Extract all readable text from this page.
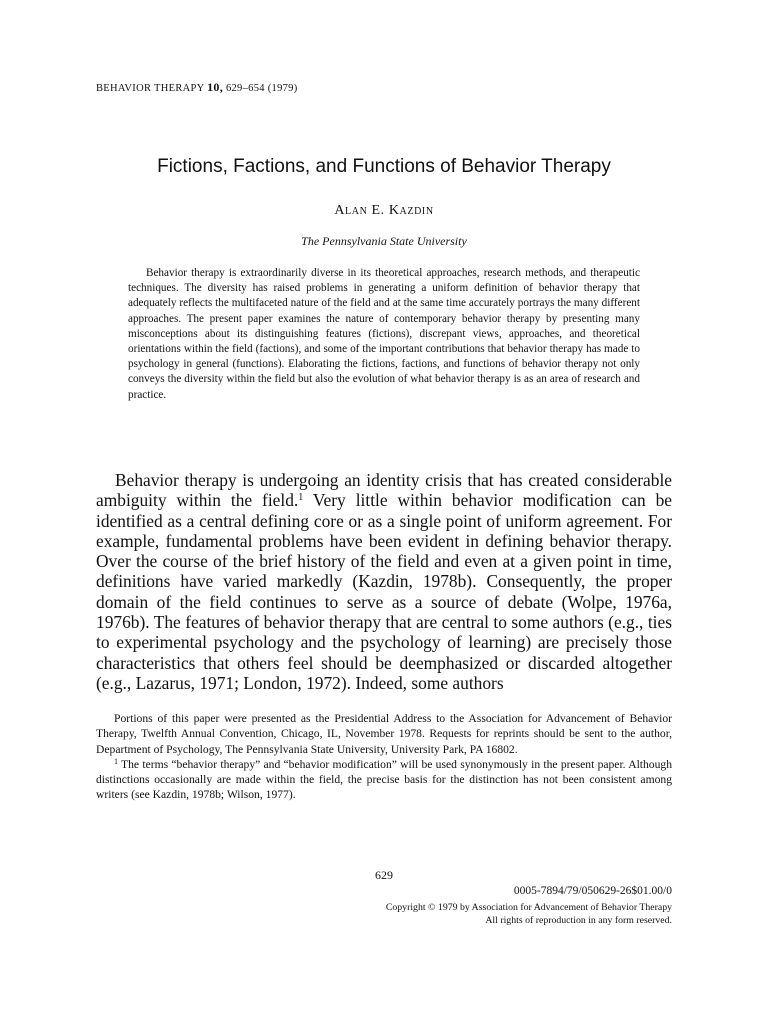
BEHAVIOR THERAPY 10, 629–654 (1979)
Fictions, Factions, and Functions of Behavior Therapy
Alan E. Kazdin
The Pennsylvania State University

Behavior therapy is extraordinarily diverse in its theoretical approaches, research methods, and therapeutic techniques. The diversity has raised problems in generating a uniform definition of behavior therapy that adequately reflects the multifaceted nature of the field and at the same time accurately portrays the many different approaches. The present paper examines the nature of contemporary behavior therapy by presenting many misconceptions about its distinguishing features (fictions), discrepant views, approaches, and theoretical orientations within the field (factions), and some of the important contributions that behavior therapy has made to psychology in general (functions). Elaborating the fictions, factions, and functions of behavior therapy not only conveys the diversity within the field but also the evolution of what behavior therapy is as an area of research and practice.

Behavior therapy is undergoing an identity crisis that has created considerable ambiguity within the field.$^1$ Very little within behavior modification can be identified as a central defining core or as a single point of uniform agreement. For example, fundamental problems have been evident in defining behavior therapy. Over the course of the brief history of the field and even at a given point in time, definitions have varied markedly (Kazdin, 1978b). Consequently, the proper domain of the field continues to serve as a source of debate (Wolpe, 1976a, 1976b). The features of behavior therapy that are central to some authors (e.g., ties to experimental psychology and the psychology of learning) are precisely those characteristics that others feel should be deemphasized or discarded altogether (e.g., Lazarus, 1971; London, 1972). Indeed, some authors

Portions of this paper were presented as the Presidential Address to the Association for Advancement of Behavior Therapy, Twelfth Annual Convention, Chicago, IL, November 1978. Requests for reprints should be sent to the author, Department of Psychology, The Pennsylvania State University, University Park, PA 16802.

$^1$ The terms “behavior therapy” and “behavior modification” will be used synonymously in the present paper. Although distinctions occasionally are made within the field, the precise basis for the distinction has not been consistent among writers (see Kazdin, 1978b; Wilson, 1977).

629
0005-7894/79/050629-26$01.00/0
Copyright © 1979 by Association for Advancement of Behavior Therapy
All rights of reproduction in any form reserved.
